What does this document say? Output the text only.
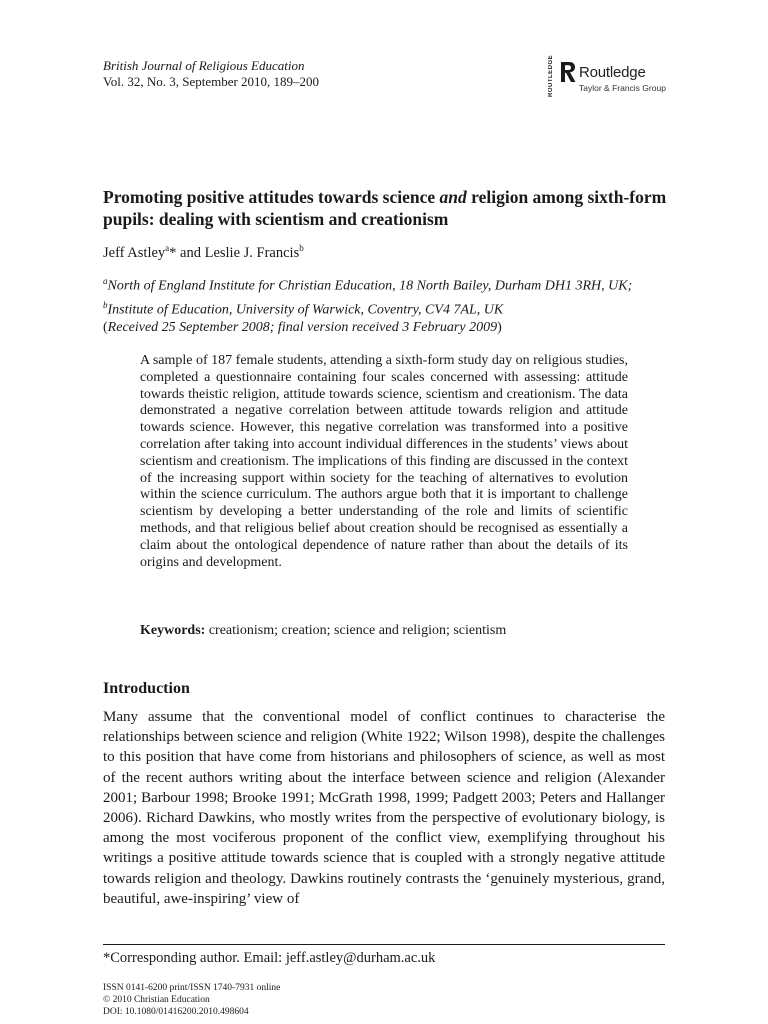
British Journal of Religious Education
Vol. 32, No. 3, September 2010, 189–200	ROUTLEDGE Routledge
Taylor & Francis Group
Promoting positive attitudes towards science and religion among sixth-form pupils: dealing with scientism and creationism
Jeff Astley$^a$* and Leslie J. Francis$^b$
$^a$North of England Institute for Christian Education, 18 North Bailey, Durham DH1 3RH, UK; $^b$Institute of Education, University of Warwick, Coventry, CV4 7AL, UK
(Received 25 September 2008; final version received 3 February 2009)
A sample of 187 female students, attending a sixth-form study day on religious studies, completed a questionnaire containing four scales concerned with assessing: attitude towards theistic religion, attitude towards science, scientism and creationism. The data demonstrated a negative correlation between attitude towards religion and attitude towards science. However, this negative correlation was transformed into a positive correlation after taking into account individual differences in the students’ views about scientism and creationism. The implications of this finding are discussed in the context of the increasing support within society for the teaching of alternatives to evolution within the science curriculum. The authors argue both that it is important to challenge scientism by developing a better understanding of the role and limits of scientific methods, and that religious belief about creation should be recognised as essentially a claim about the ontological dependence of nature rather than about the details of its origins and development.
Keywords: creationism; creation; science and religion; scientism
Introduction
Many assume that the conventional model of conflict continues to characterise the relationships between science and religion (White 1922; Wilson 1998), despite the challenges to this position that have come from historians and philosophers of science, as well as most of the recent authors writing about the interface between science and religion (Alexander 2001; Barbour 1998; Brooke 1991; McGrath 1998, 1999; Padgett 2003; Peters and Hallanger 2006). Richard Dawkins, who mostly writes from the perspective of evolutionary biology, is among the most vociferous proponent of the conflict view, exemplifying throughout his writings a positive attitude towards science that is coupled with a strongly negative attitude towards religion and theology. Dawkins routinely contrasts the ‘genuinely mysterious, grand, beautiful, awe-inspiring’ view of
*Corresponding author. Email: jeff.astley@durham.ac.uk
ISSN 0141-6200 print/ISSN 1740-7931 online
© 2010 Christian Education
DOI: 10.1080/01416200.2010.498604
